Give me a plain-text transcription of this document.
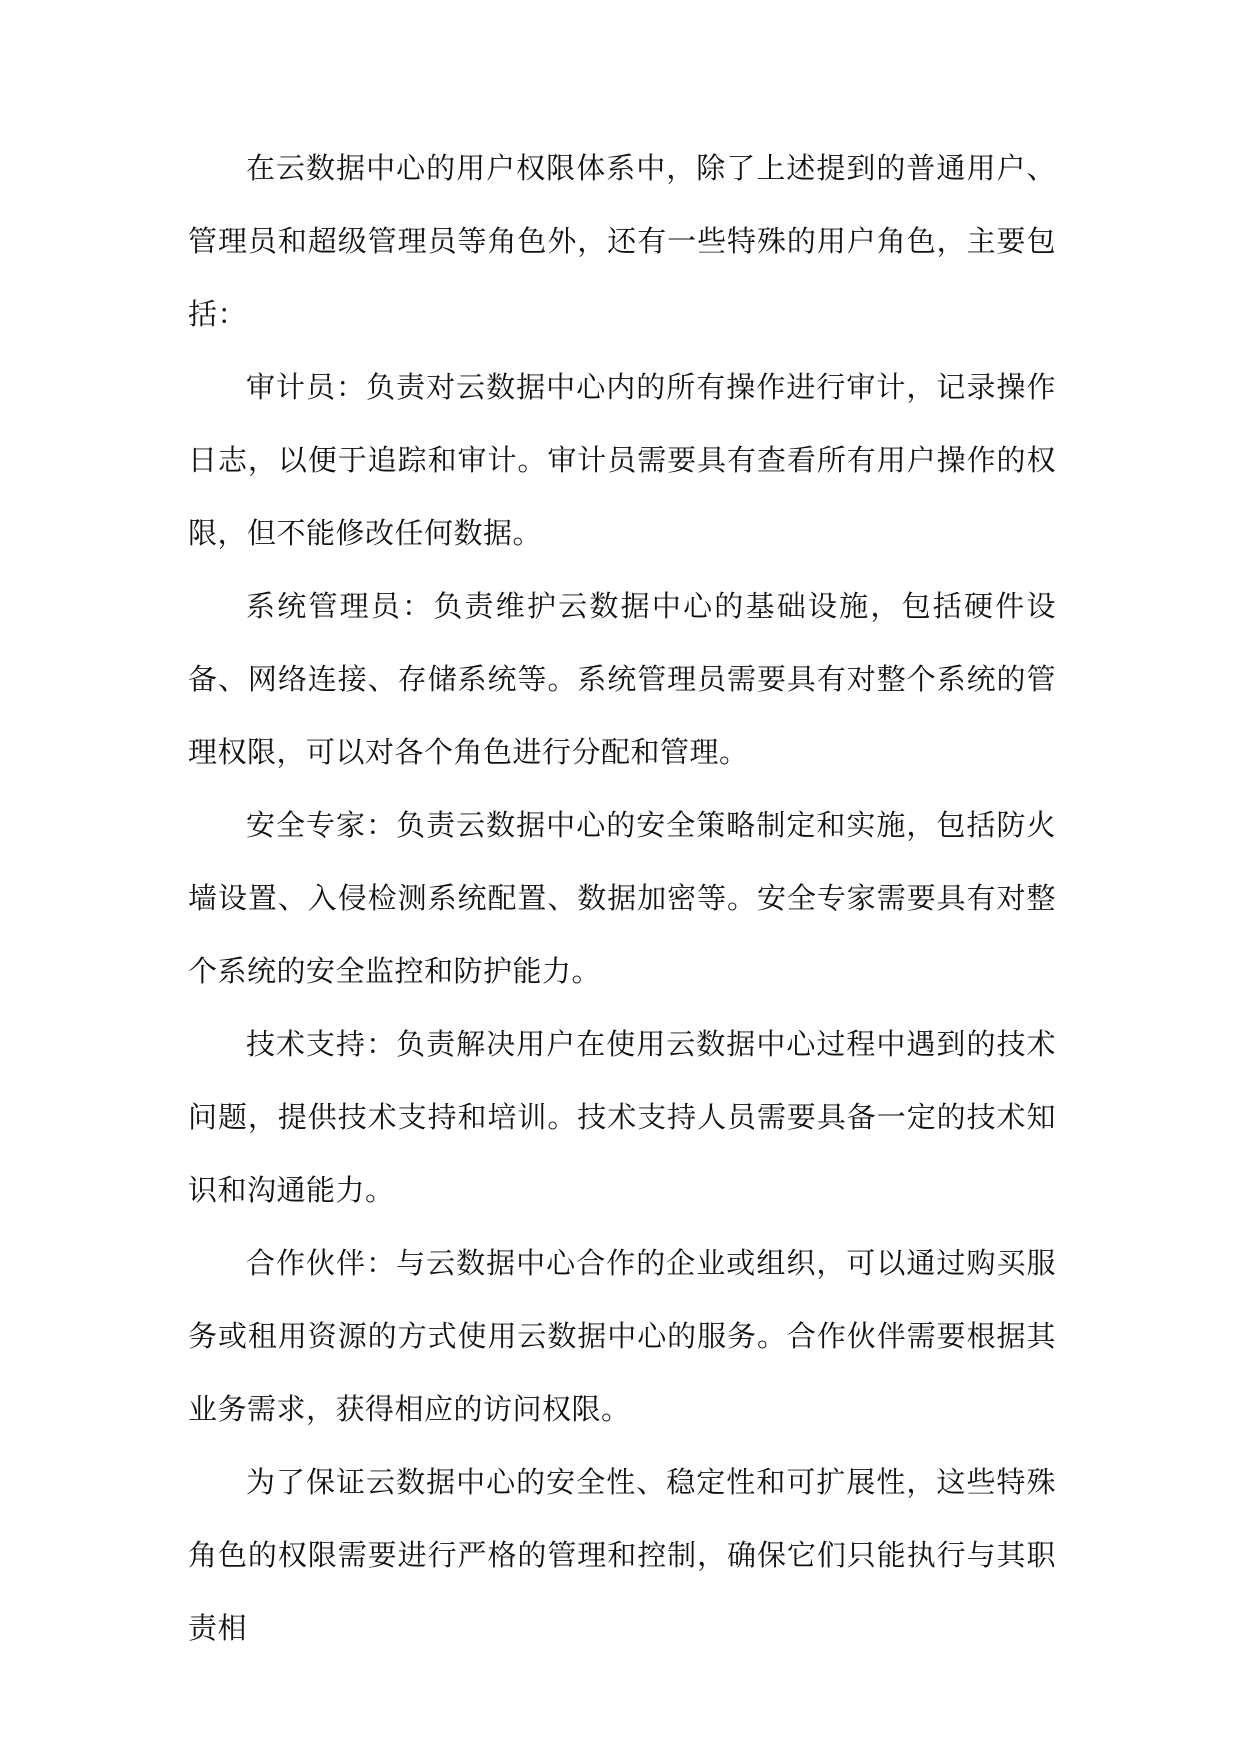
在云数据中心的用户权限体系中，除了上述提到的普通用户、管理员和超级管理员等角色外，还有一些特殊的用户角色，主要包括：

审计员：负责对云数据中心内的所有操作进行审计，记录操作日志，以便于追踪和审计。审计员需要具有查看所有用户操作的权限，但不能修改任何数据。

系统管理员：负责维护云数据中心的基础设施，包括硬件设备、网络连接、存储系统等。系统管理员需要具有对整个系统的管理权限，可以对各个角色进行分配和管理。

安全专家：负责云数据中心的安全策略制定和实施，包括防火墙设置、入侵检测系统配置、数据加密等。安全专家需要具有对整个系统的安全监控和防护能力。

技术支持：负责解决用户在使用云数据中心过程中遇到的技术问题，提供技术支持和培训。技术支持人员需要具备一定的技术知识和沟通能力。

合作伙伴：与云数据中心合作的企业或组织，可以通过购买服务或租用资源的方式使用云数据中心的服务。合作伙伴需要根据其业务需求，获得相应的访问权限。

为了保证云数据中心的安全性、稳定性和可扩展性，这些特殊角色的权限需要进行严格的管理和控制，确保它们只能执行与其职责相
